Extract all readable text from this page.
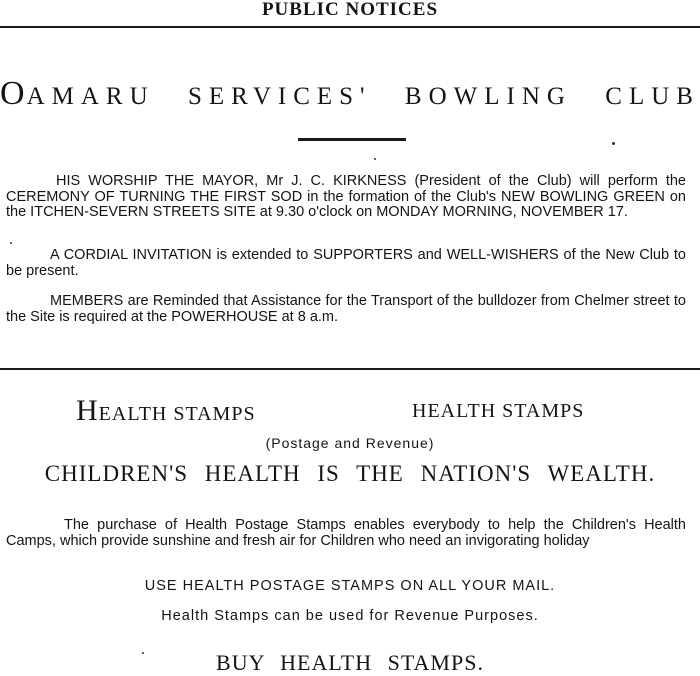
PUBLIC NOTICES
OAMARU SERVICES' BOWLING CLUB

HIS WORSHIP THE MAYOR, Mr J. C. KIRKNESS (President of the Club) will perform the CEREMONY OF TURNING THE FIRST SOD in the formation of the Club's NEW BOWLING GREEN on the ITCHEN-SEVERN STREETS SITE at 9.30 o'clock on MONDAY MORNING, NOVEMBER 17.

A CORDIAL INVITATION is extended to SUPPORTERS and WELL-WISHERS of the New Club to be present.

MEMBERS are Reminded that Assistance for the Transport of the bulldozer from Chelmer street to the Site is required at the POWERHOUSE at 8 a.m.

HEALTH STAMPS	HEALTH STAMPS
(Postage and Revenue)
CHILDREN'S HEALTH IS THE NATION'S WEALTH.

The purchase of Health Postage Stamps enables everybody to help the Children's Health Camps, which provide sunshine and fresh air for Children who need an invigorating holiday

USE HEALTH POSTAGE STAMPS ON ALL YOUR MAIL.
Health Stamps can be used for Revenue Purposes.
BUY HEALTH STAMPS.
